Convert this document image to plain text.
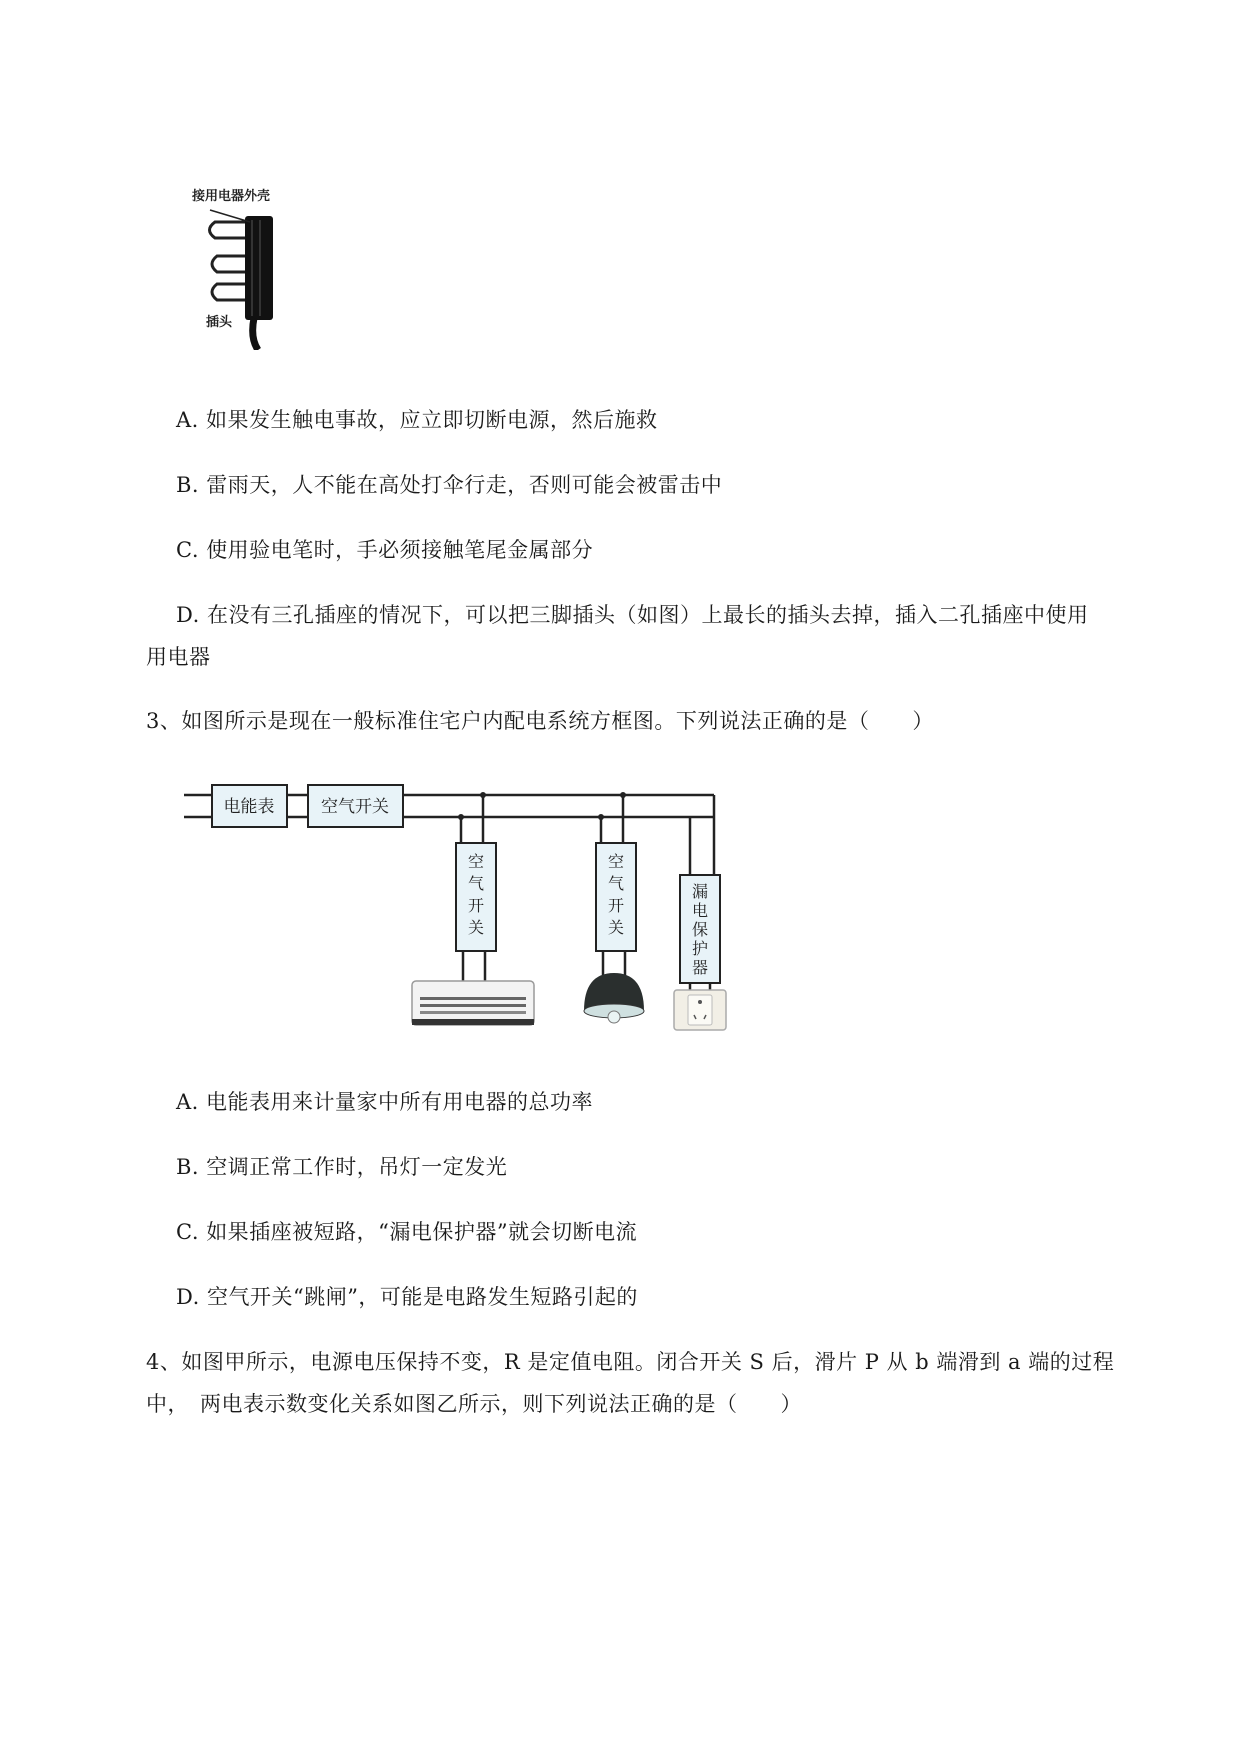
接用电器外壳
插头
A. 如果发生触电事故，应立即切断电源，然后施救
B. 雷雨天，人不能在高处打伞行走，否则可能会被雷击中
C. 使用验电笔时，手必须接触笔尾金属部分
D. 在没有三孔插座的情况下，可以把三脚插头（如图）上最长的插头去掉，插入二孔插座中使用
用电器
3、如图所示是现在一般标准住宅户内配电系统方框图。下列说法正确的是（　　）
电能表	空气开关
空
气
开
关
空
气
开
关
漏
电
保
护
器
A. 电能表用来计量家中所有用电器的总功率
B. 空调正常工作时，吊灯一定发光
C. 如果插座被短路，“漏电保护器”就会切断电流
D. 空气开关“跳闸”，可能是电路发生短路引起的
4、如图甲所示，电源电压保持不变，R 是定值电阻。闭合开关 S 后，滑片 P 从 b 端滑到 a 端的过程
中，　两电表示数变化关系如图乙所示，则下列说法正确的是（　　）
